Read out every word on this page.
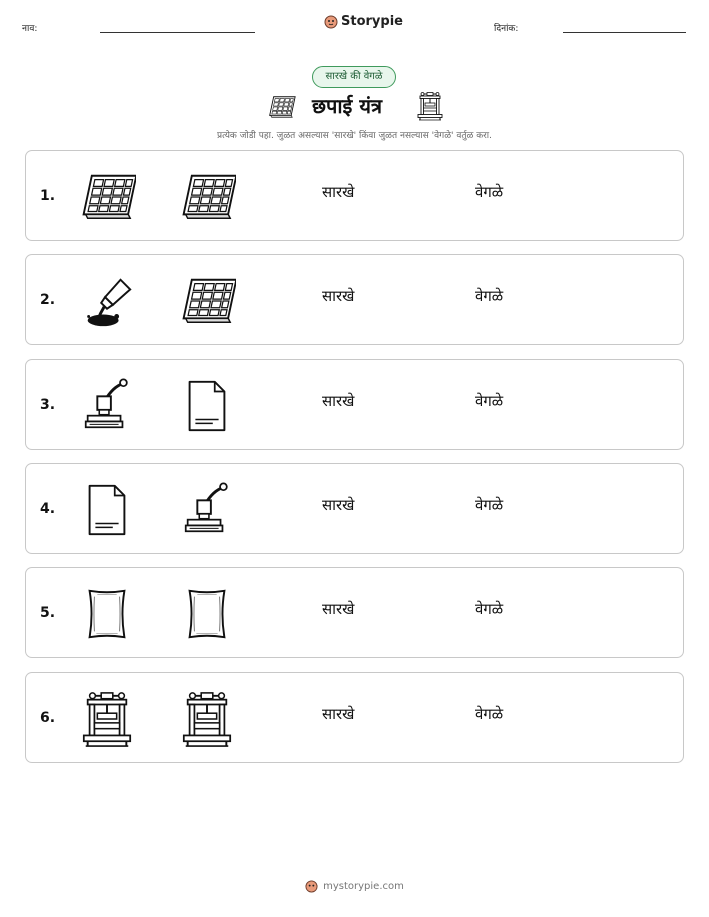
नाव:	Storypie	दिनांक:
सारखे की वेगळे
छपाई यंत्र
प्रत्येक जोडी पहा. जुळत असल्यास 'सारखे' किंवा जुळत नसल्यास 'वेगळे' वर्तुळ करा.
1.	सारखे	वेगळे
2.	सारखे	वेगळे
3.	सारखे	वेगळे
4.	सारखे	वेगळे
5.	सारखे	वेगळे
6.	सारखे	वेगळे
mystorypie.com
